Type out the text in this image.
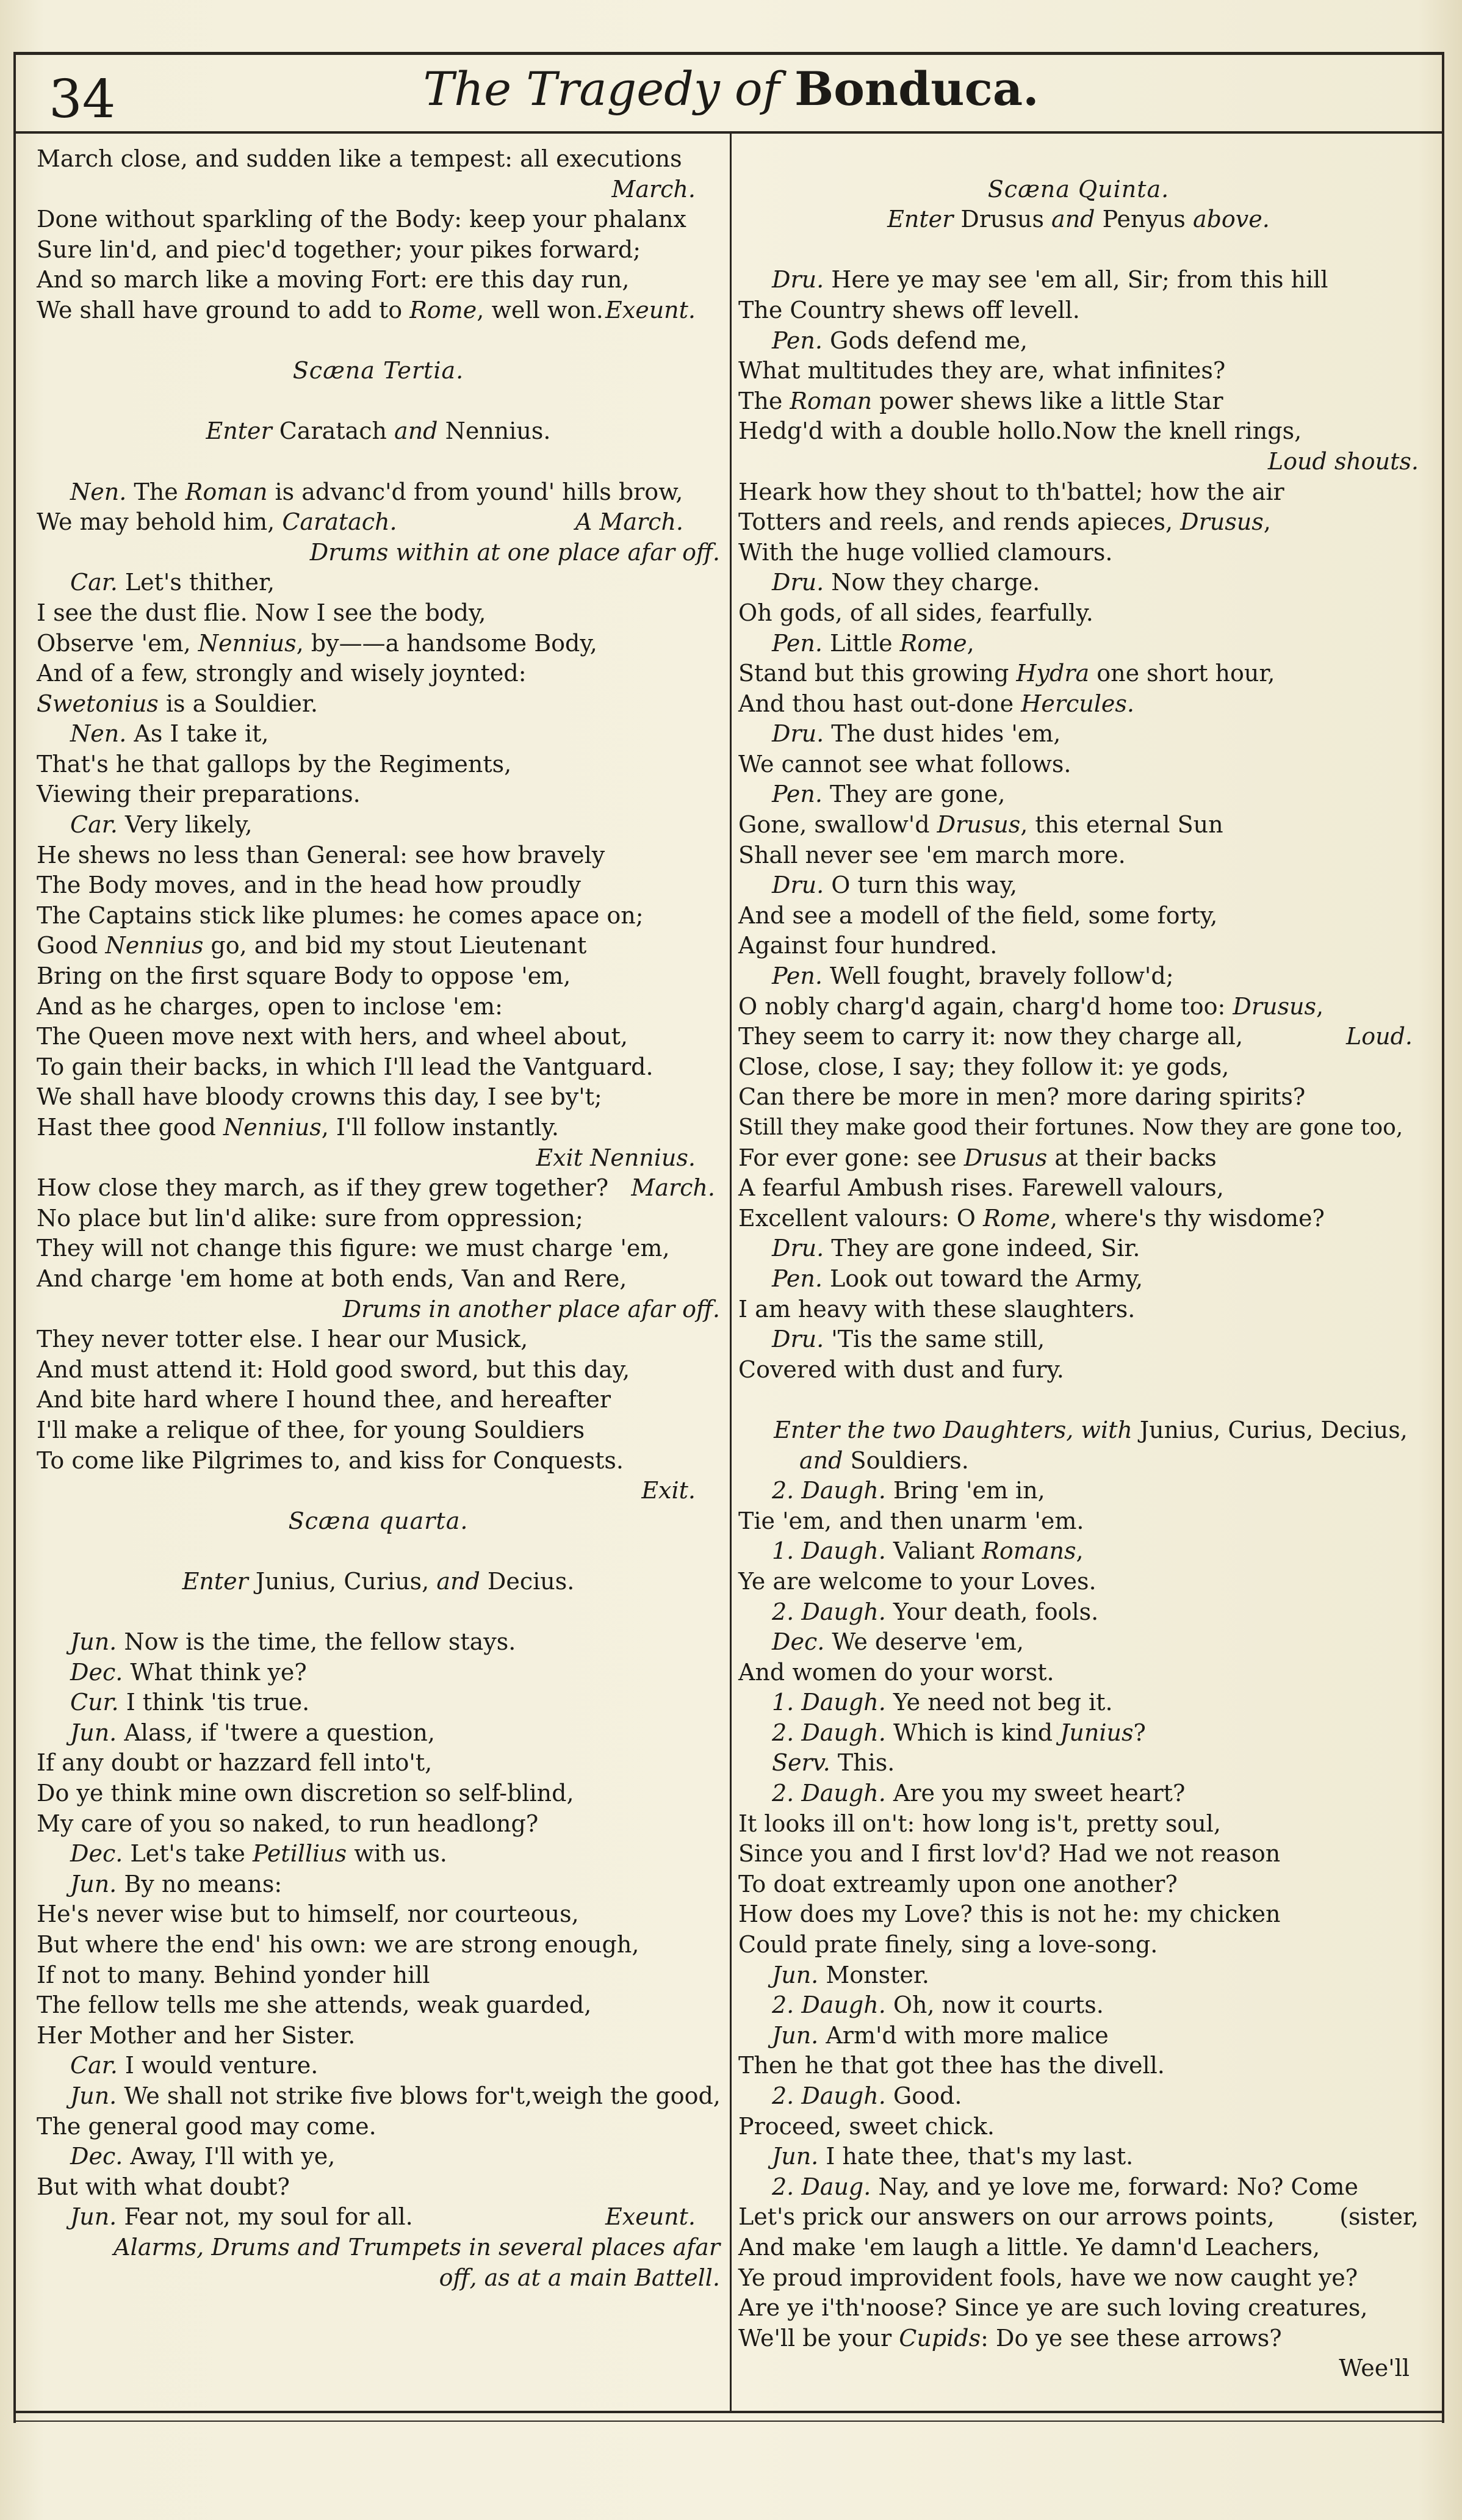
34	The Tragedy of Bonduca.
March close, and sudden like a tempest: all executions
March.
Done without sparkling of the Body: keep your phalanx
Sure lin'd, and piec'd together; your pikes forward;
And so march like a moving Fort: ere this day run,
We shall have ground to add to Rome, well won. Exeunt.
Scæna Tertia.
Enter Caratach and Nennius.
Nen. The Roman is advanc'd from yound' hills brow,
We may behold him, Caratach.	A March.
Drums within at one place afar off.
Car. Let's thither,
I see the dust flie. Now I see the body,
Observe 'em, Nennius, by——a handsome Body,
And of a few, strongly and wisely joynted:
Swetonius is a Souldier.
Nen. As I take it,
That's he that gallops by the Regiments,
Viewing their preparations.
Car. Very likely,
He shews no less than General: see how bravely
The Body moves, and in the head how proudly
The Captains stick like plumes: he comes apace on;
Good Nennius go, and bid my stout Lieutenant
Bring on the first square Body to oppose 'em,
And as he charges, open to inclose 'em:
The Queen move next with hers, and wheel about,
To gain their backs, in which I'll lead the Vantguard.
We shall have bloody crowns this day, I see by't;
Hast thee good Nennius, I'll follow instantly.
Exit Nennius.
How close they march, as if they grew together? March.
No place but lin'd alike: sure from oppression;
They will not change this figure: we must charge 'em,
And charge 'em home at both ends, Van and Rere,
Drums in another place afar off.
They never totter else. I hear our Musick,
And must attend it: Hold good sword, but this day,
And bite hard where I hound thee, and hereafter
I'll make a relique of thee, for young Souldiers
To come like Pilgrimes to, and kiss for Conquests.
Exit.
Scæna quarta.
Enter Junius, Curius, and Decius.
Jun. Now is the time, the fellow stays.
Dec. What think ye?
Cur. I think 'tis true.
Jun. Alass, if 'twere a question,
If any doubt or hazzard fell into't,
Do ye think mine own discretion so self-blind,
My care of you so naked, to run headlong?
Dec. Let's take Petillius with us.
Jun. By no means:
He's never wise but to himself, nor courteous,
But where the end' his own: we are strong enough,
If not to many. Behind yonder hill
The fellow tells me she attends, weak guarded,
Her Mother and her Sister.
Car. I would venture.
Jun. We shall not strike five blows for't,weigh the good,
The general good may come.
Dec. Away, I'll with ye,
But with what doubt?
Jun. Fear not, my soul for all.	Exeunt.
Alarms, Drums and Trumpets in several places afar
off, as at a main Battell.
Scæna Quinta.
Enter Drusus and Penyus above.
Dru. Here ye may see 'em all, Sir; from this hill
The Country shews off levell.
Pen. Gods defend me,
What multitudes they are, what infinites?
The Roman power shews like a little Star
Hedg'd with a double hollo.Now the knell rings,
Loud shouts.
Heark how they shout to th'battel; how the air
Totters and reels, and rends apieces, Drusus,
With the huge vollied clamours.
Dru. Now they charge.
Oh gods, of all sides, fearfully.
Pen. Little Rome,
Stand but this growing Hydra one short hour,
And thou hast out-done Hercules.
Dru. The dust hides 'em,
We cannot see what follows.
Pen. They are gone,
Gone, swallow'd Drusus, this eternal Sun
Shall never see 'em march more.
Dru. O turn this way,
And see a modell of the field, some forty,
Against four hundred.
Pen. Well fought, bravely follow'd;
O nobly charg'd again, charg'd home too: Drusus,
They seem to carry it: now they charge all,	Loud.
Close, close, I say; they follow it: ye gods,
Can there be more in men? more daring spirits?
Still they make good their fortunes. Now they are gone too,
For ever gone: see Drusus at their backs
A fearful Ambush rises. Farewell valours,
Excellent valours: O Rome, where's thy wisdome?
Dru. They are gone indeed, Sir.
Pen. Look out toward the Army,
I am heavy with these slaughters.
Dru. 'Tis the same still,
Covered with dust and fury.
Enter the two Daughters, with Junius, Curius, Decius,
and Souldiers.
2. Daugh. Bring 'em in,
Tie 'em, and then unarm 'em.
1. Daugh. Valiant Romans,
Ye are welcome to your Loves.
2. Daugh. Your death, fools.
Dec. We deserve 'em,
And women do your worst.
1. Daugh. Ye need not beg it.
2. Daugh. Which is kind Junius?
Serv. This.
2. Daugh. Are you my sweet heart?
It looks ill on't: how long is't, pretty soul,
Since you and I first lov'd? Had we not reason
To doat extreamly upon one another?
How does my Love? this is not he: my chicken
Could prate finely, sing a love-song.
Jun. Monster.
2. Daugh. Oh, now it courts.
Jun. Arm'd with more malice
Then he that got thee has the divell.
2. Daugh. Good.
Proceed, sweet chick.
Jun. I hate thee, that's my last.
2. Daug. Nay, and ye love me, forward: No? Come
Let's prick our answers on our arrows points,	(sister,
And make 'em laugh a little. Ye damn'd Leachers,
Ye proud improvident fools, have we now caught ye?
Are ye i'th'noose? Since ye are such loving creatures,
We'll be your Cupids: Do ye see these arrows?
Wee'll
